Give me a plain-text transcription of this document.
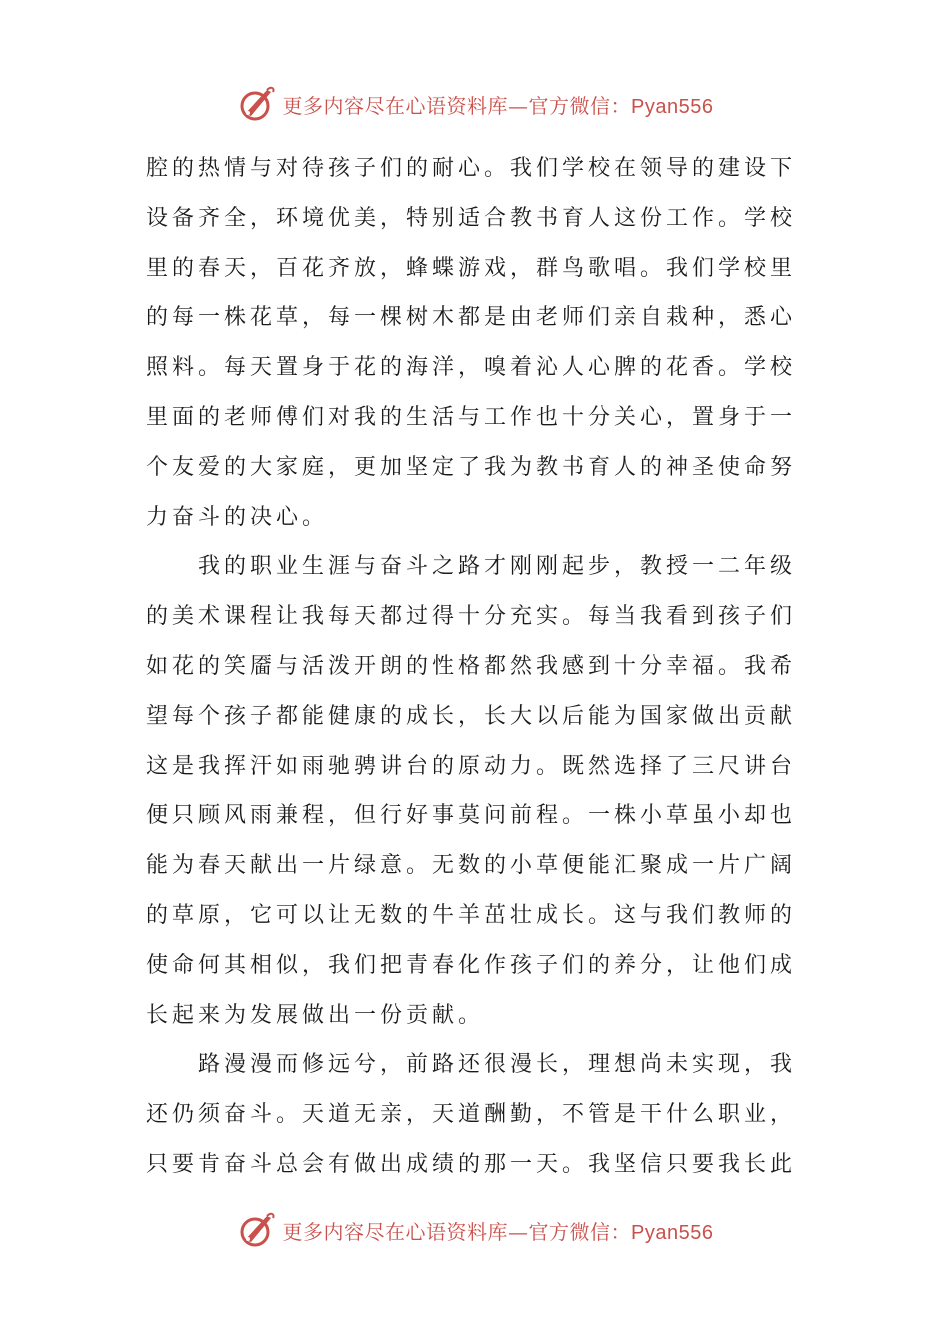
更多内容尽在心语资料库—官方微信：Pyan556
腔的热情与对待孩子们的耐心。我们学校在领导的建设下
设备齐全，环境优美，特别适合教书育人这份工作。学校
里的春天，百花齐放，蜂蝶游戏，群鸟歌唱。我们学校里
的每一株花草，每一棵树木都是由老师们亲自栽种，悉心
照料。每天置身于花的海洋，嗅着沁人心脾的花香。学校
里面的老师傅们对我的生活与工作也十分关心，置身于一
个友爱的大家庭，更加坚定了我为教书育人的神圣使命努
力奋斗的决心。
我的职业生涯与奋斗之路才刚刚起步，教授一二年级
的美术课程让我每天都过得十分充实。每当我看到孩子们
如花的笑靥与活泼开朗的性格都然我感到十分幸福。我希
望每个孩子都能健康的成长，长大以后能为国家做出贡献
这是我挥汗如雨驰骋讲台的原动力。既然选择了三尺讲台
便只顾风雨兼程，但行好事莫问前程。一株小草虽小却也
能为春天献出一片绿意。无数的小草便能汇聚成一片广阔
的草原，它可以让无数的牛羊茁壮成长。这与我们教师的
使命何其相似，我们把青春化作孩子们的养分，让他们成
长起来为发展做出一份贡献。
路漫漫而修远兮，前路还很漫长，理想尚未实现，我
还仍须奋斗。天道无亲，天道酬勤，不管是干什么职业，
只要肯奋斗总会有做出成绩的那一天。我坚信只要我长此
更多内容尽在心语资料库—官方微信：Pyan556
